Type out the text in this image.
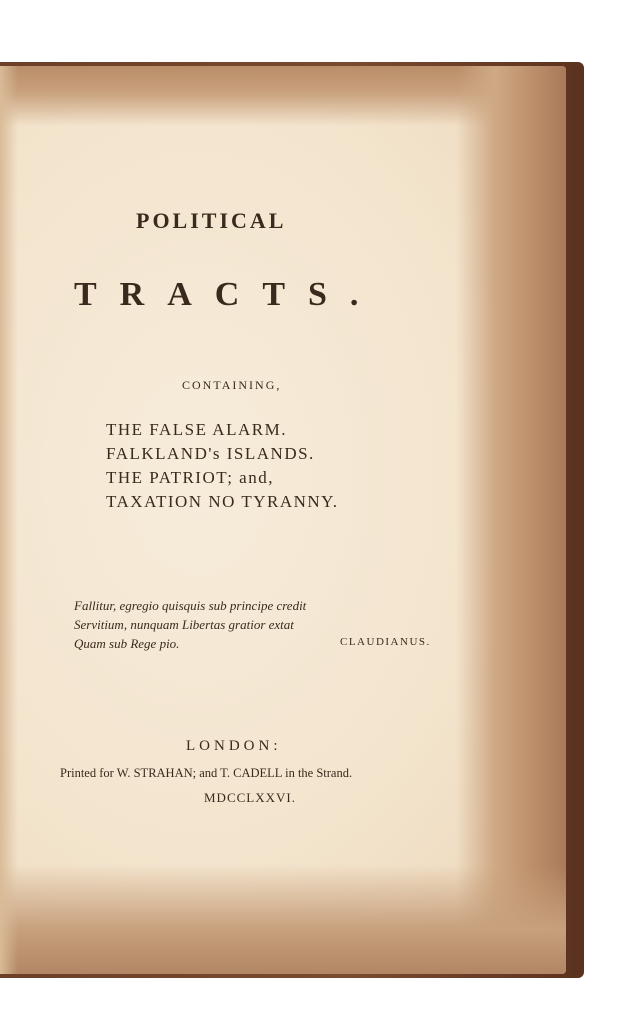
POLITICAL
TRACTS.

CONTAINING,

THE FALSE ALARM.
FALKLAND's ISLANDS.
THE PATRIOT; and,
TAXATION NO TYRANNY.
Fallitur, egregio quisquis sub principe credit
Servitium, nunquam Libertas gratior extat
Quam sub Rege pio.	CLAUDIANUS.

LONDON:

Printed for W. STRAHAN; and T. CADELL in the Strand.

MDCCLXXVI.
